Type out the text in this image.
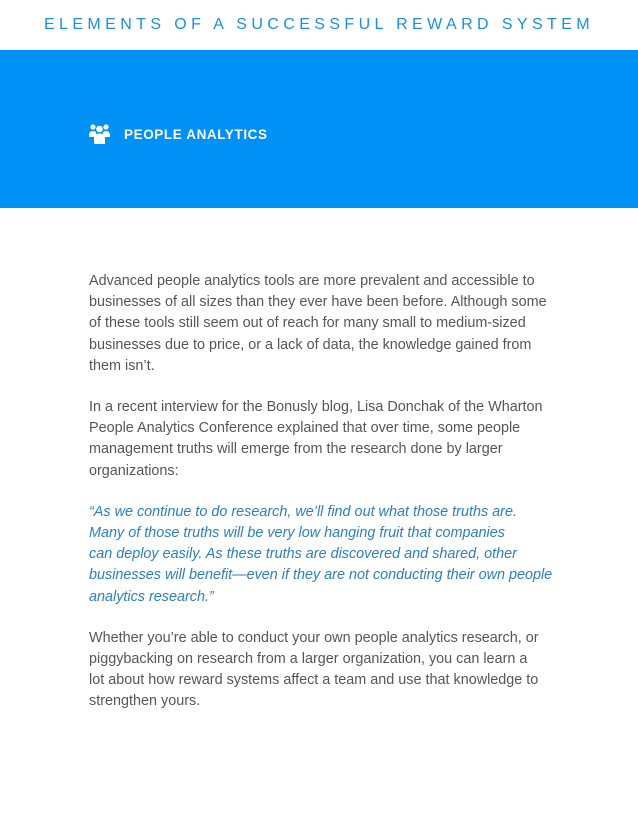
ELEMENTS OF A SUCCESSFUL REWARD SYSTEM
PEOPLE ANALYTICS

Advanced people analytics tools are more prevalent and accessible to
businesses of all sizes than they ever have been before. Although some
of these tools still seem out of reach for many small to medium-sized
businesses due to price, or a lack of data, the knowledge gained from
them isn’t.

In a recent interview for the Bonusly blog, Lisa Donchak of the Wharton
People Analytics Conference explained that over time, some people
management truths will emerge from the research done by larger
organizations:

“As we continue to do research, we’ll find out what those truths are.
Many of those truths will be very low hanging fruit that companies
can deploy easily. As these truths are discovered and shared, other
businesses will benefit—even if they are not conducting their own people
analytics research.”

Whether you’re able to conduct your own people analytics research, or
piggybacking on research from a larger organization, you can learn a
lot about how reward systems affect a team and use that knowledge to
strengthen yours.
